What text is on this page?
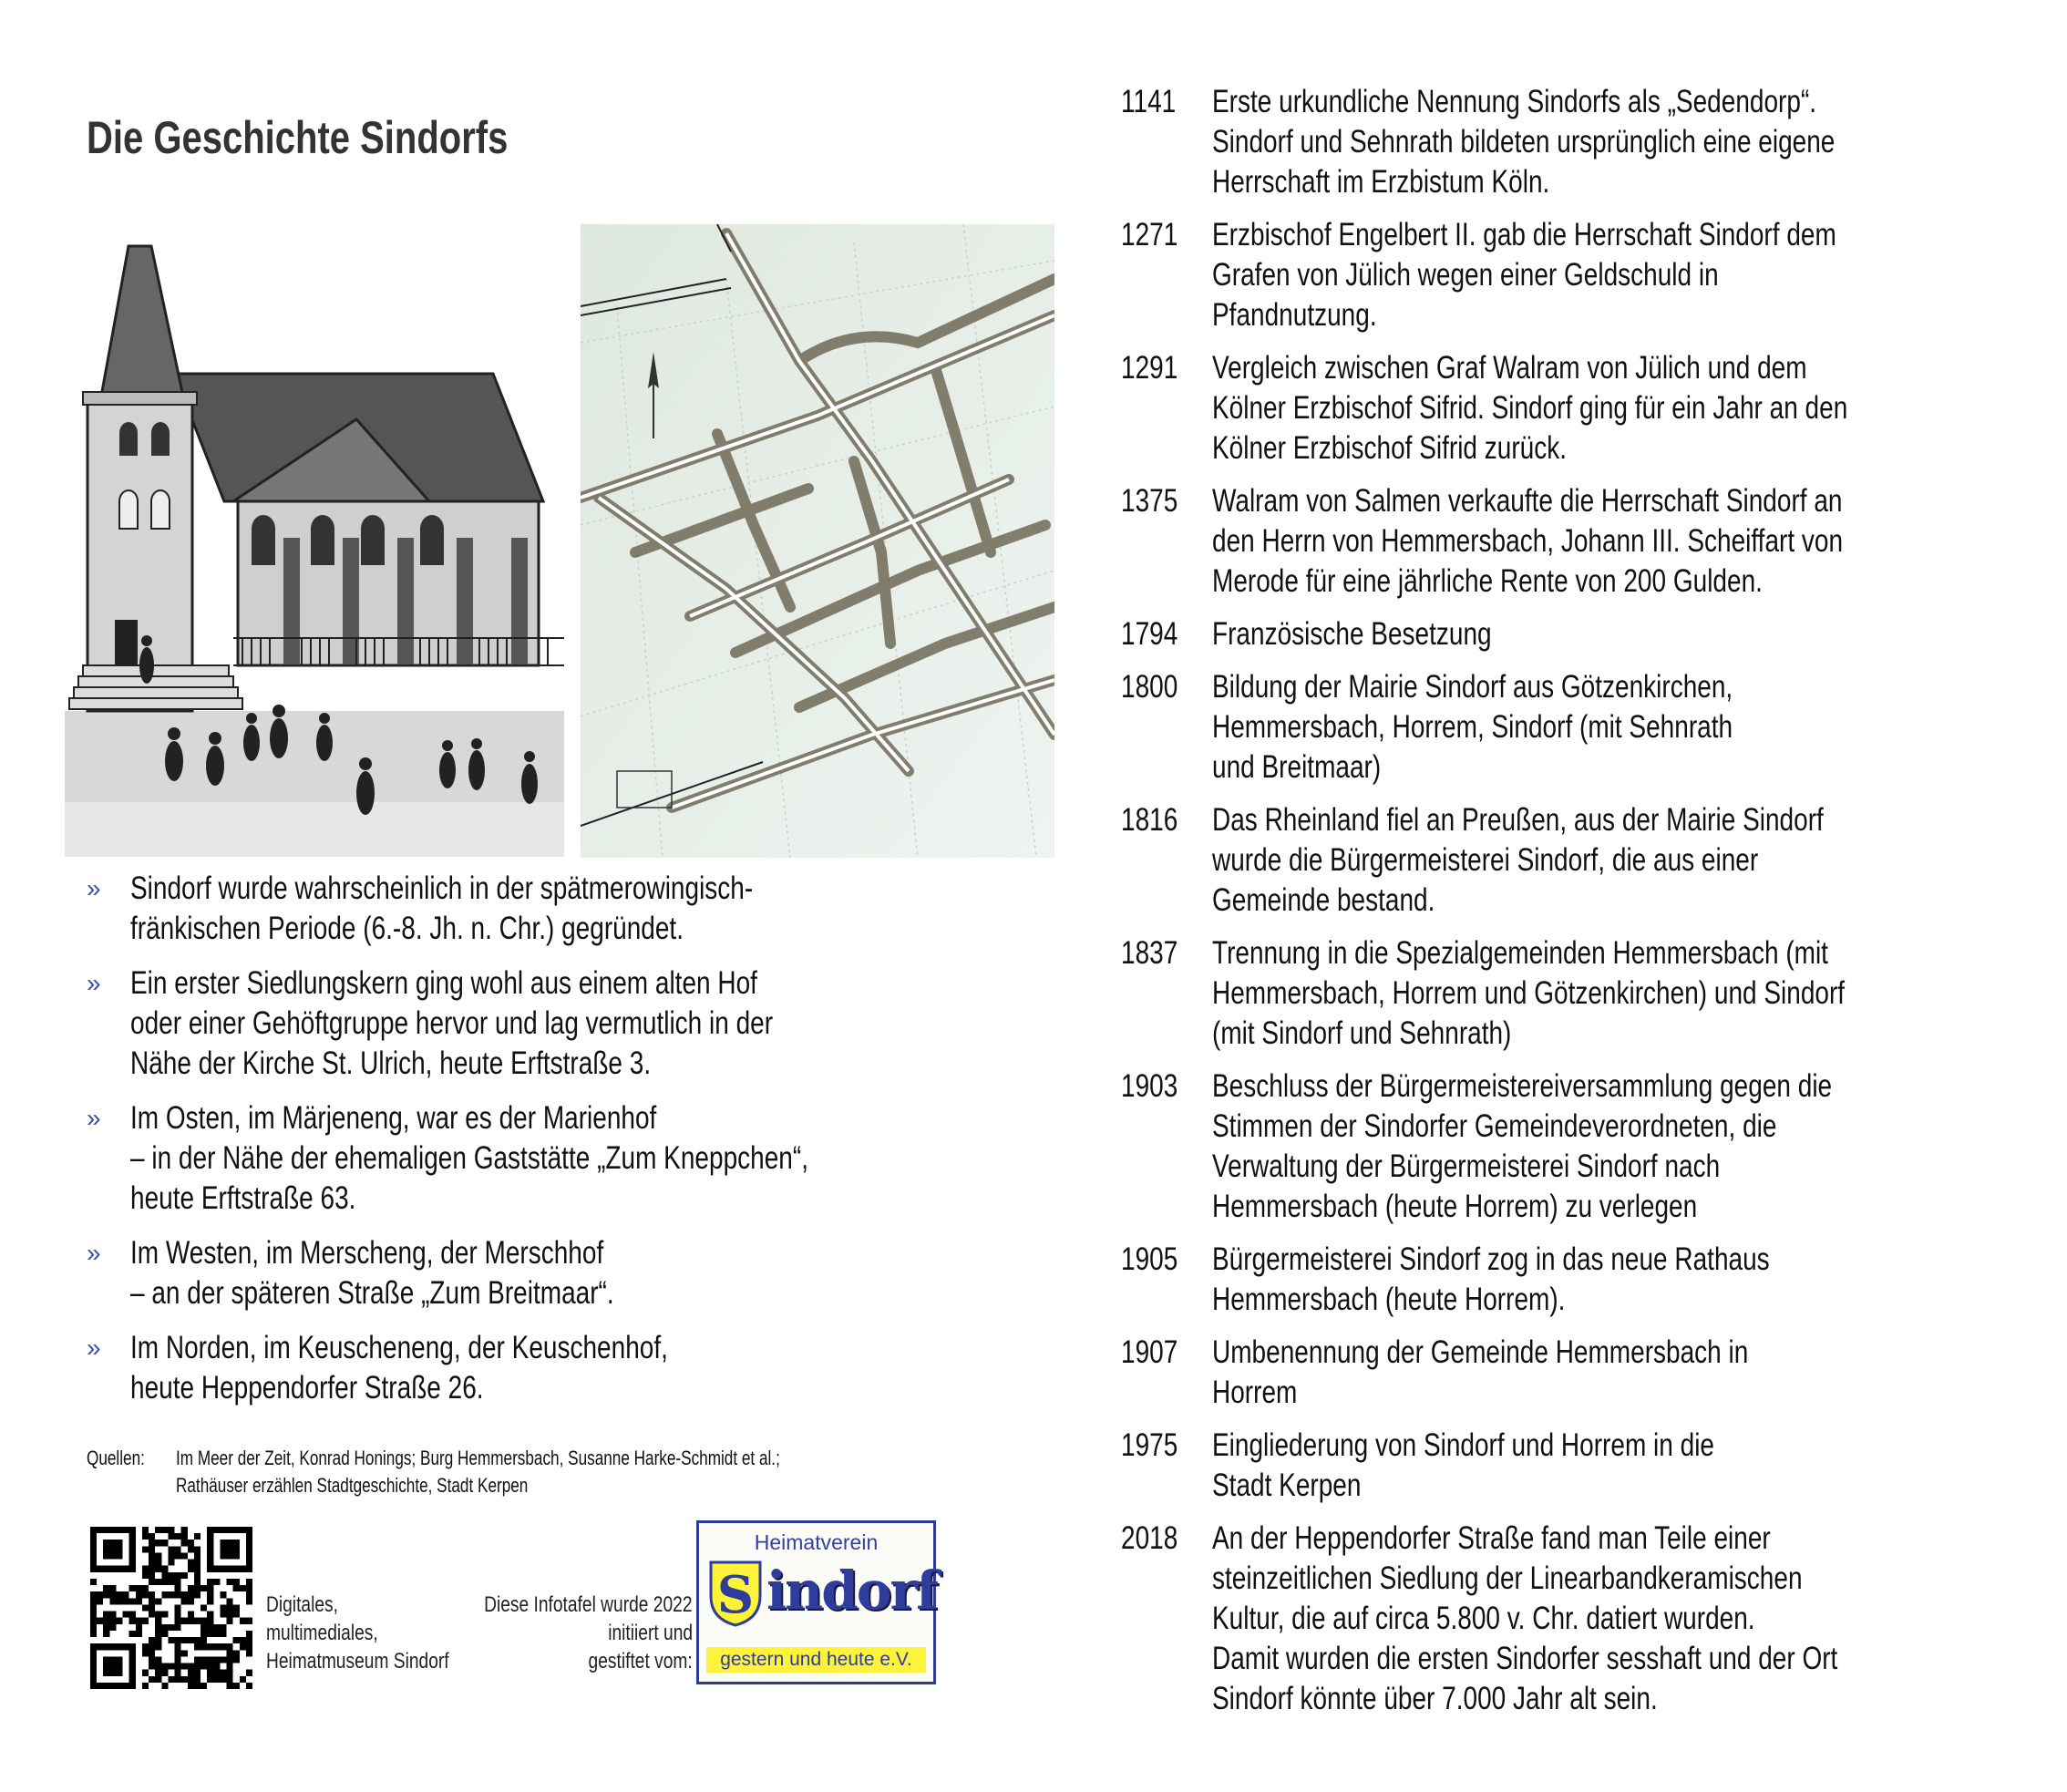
Die Geschichte Sindorfs
» Sindorf wurde wahrscheinlich in der spätmerowingisch-
fränkischen Periode (6.-8. Jh. n. Chr.) gegründet.
» Ein erster Siedlungskern ging wohl aus einem alten Hof
oder einer Gehöftgruppe hervor und lag vermutlich in der
Nähe der Kirche St. Ulrich, heute Erftstraße 3.
» Im Osten, im Märjeneng, war es der Marienhof
– in der Nähe der ehemaligen Gaststätte „Zum Kneppchen“,
heute Erftstraße 63.
» Im Westen, im Merscheng, der Merschhof
– an der späteren Straße „Zum Breitmaar“.
» Im Norden, im Keuscheneng, der Keuschenhof,
heute Heppendorfer Straße 26.
Quellen:	Im Meer der Zeit, Konrad Honings; Burg Hemmersbach, Susanne Harke-Schmidt et al.;
Rathäuser erzählen Stadtgeschichte, Stadt Kerpen
Digitales,
multimediales,
Heimatmuseum Sindorf
Diese Infotafel wurde 2022
initiiert und
gestiftet vom:
Heimatverein
S indorf
gestern und heute e.V.
1141	Erste urkundliche Nennung Sindorfs als „Sedendorp“.
Sindorf und Sehnrath bildeten ursprünglich eine eigene
Herrschaft im Erzbistum Köln.
1271	Erzbischof Engelbert II. gab die Herrschaft Sindorf dem
Grafen von Jülich wegen einer Geldschuld in
Pfandnutzung.
1291	Vergleich zwischen Graf Walram von Jülich und dem
Kölner Erzbischof Sifrid. Sindorf ging für ein Jahr an den
Kölner Erzbischof Sifrid zurück.
1375	Walram von Salmen verkaufte die Herrschaft Sindorf an
den Herrn von Hemmersbach, Johann III. Scheiffart von
Merode für eine jährliche Rente von 200 Gulden.
1794	Französische Besetzung
1800	Bildung der Mairie Sindorf aus Götzenkirchen,
Hemmersbach, Horrem, Sindorf (mit Sehnrath
und Breitmaar)
1816	Das Rheinland fiel an Preußen, aus der Mairie Sindorf
wurde die Bürgermeisterei Sindorf, die aus einer
Gemeinde bestand.
1837	Trennung in die Spezialgemeinden Hemmersbach (mit
Hemmersbach, Horrem und Götzenkirchen) und Sindorf
(mit Sindorf und Sehnrath)
1903	Beschluss der Bürgermeistereiversammlung gegen die
Stimmen der Sindorfer Gemeindeverordneten, die
Verwaltung der Bürgermeisterei Sindorf nach
Hemmersbach (heute Horrem) zu verlegen
1905	Bürgermeisterei Sindorf zog in das neue Rathaus
Hemmersbach (heute Horrem).
1907	Umbenennung der Gemeinde Hemmersbach in
Horrem
1975	Eingliederung von Sindorf und Horrem in die
Stadt Kerpen
2018	An der Heppendorfer Straße fand man Teile einer
steinzeitlichen Siedlung der Linearbandkeramischen
Kultur, die auf circa 5.800 v. Chr. datiert wurden.
Damit wurden die ersten Sindorfer sesshaft und der Ort
Sindorf könnte über 7.000 Jahr alt sein.
